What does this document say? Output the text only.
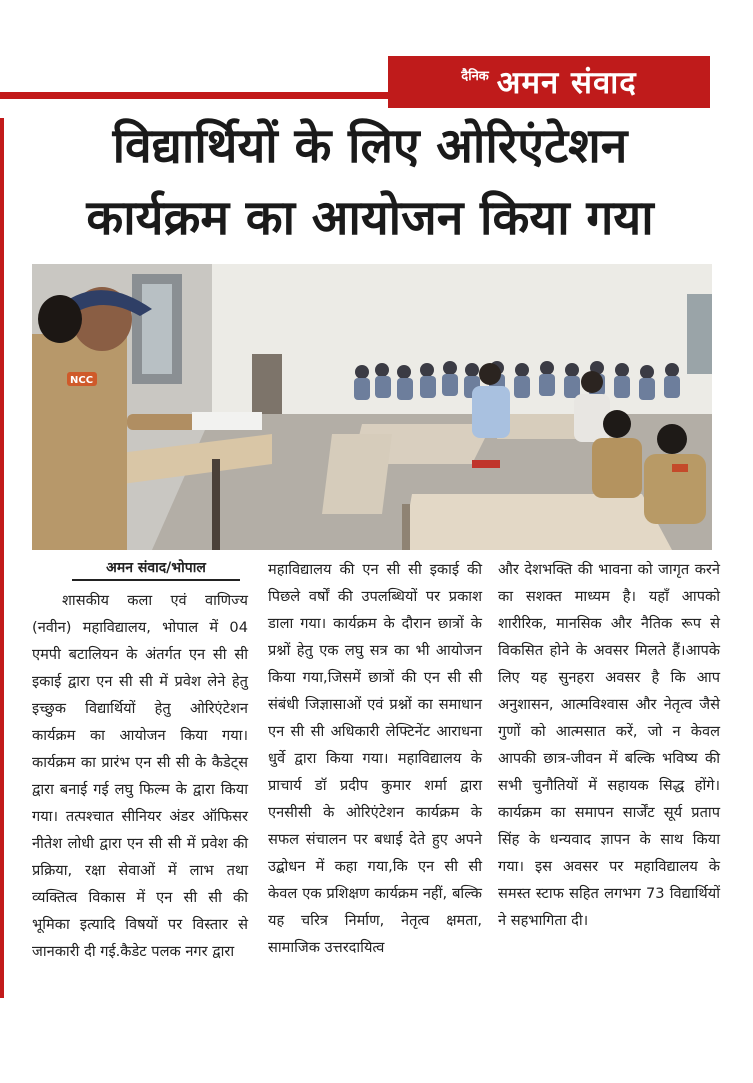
दैनिक अमन संवाद
विद्यार्थियों के लिए ओरिएंटेशन
कार्यक्रम का आयोजन किया गया
NCC
अमन संवाद/भोपाल

शासकीय कला एवं वाणिज्य (नवीन) महाविद्यालय, भोपाल में 04 एमपी बटालियन के अंतर्गत एन सी सी इकाई द्वारा एन सी सी में प्रवेश लेने हेतु इच्छुक विद्यार्थियों हेतु ओरिएंटेशन कार्यक्रम का आयोजन किया गया। कार्यक्रम का प्रारंभ एन सी सी के कैडेट्स द्वारा बनाई गई लघु फिल्म के द्वारा किया गया। तत्पश्चात सीनियर अंडर ऑफिसर नीतेश लोधी द्वारा एन सी सी में प्रवेश की प्रक्रिया, रक्षा सेवाओं में लाभ तथा व्यक्तित्व विकास में एन सी सी की भूमिका इत्यादि विषयों पर विस्तार से जानकारी दी गई.कैडेट पलक नगर द्वारा

महाविद्यालय की एन सी सी इकाई की पिछले वर्षों की उपलब्धियों पर प्रकाश डाला गया। कार्यक्रम के दौरान छात्रों के प्रश्नों हेतु एक लघु सत्र का भी आयोजन किया गया,जिसमें छात्रों की एन सी सी संबंधी जिज्ञासाओं एवं प्रश्नों का समाधान एन सी सी अधिकारी लेफ्टिनेंट आराधना धुर्वे द्वारा किया गया। महाविद्यालय के प्राचार्य डॉ प्रदीप कुमार शर्मा द्वारा एनसीसी के ओरिएंटेशन कार्यक्रम के सफल संचालन पर बधाई देते हुए अपने उद्बोधन में कहा गया,कि एन सी सी केवल एक प्रशिक्षण कार्यक्रम नहीं, बल्कि यह चरित्र निर्माण, नेतृत्व क्षमता, सामाजिक उत्तरदायित्व

और देशभक्ति की भावना को जागृत करने का सशक्त माध्यम है। यहाँ आपको शारीरिक, मानसिक और नैतिक रूप से विकसित होने के अवसर मिलते हैं।आपके लिए यह सुनहरा अवसर है कि आप अनुशासन, आत्मविश्वास और नेतृत्व जैसे गुणों को आत्मसात करें, जो न केवल आपकी छात्र-जीवन में बल्कि भविष्य की सभी चुनौतियों में सहायक सिद्ध होंगे। कार्यक्रम का समापन सार्जेंट सूर्य प्रताप सिंह के धन्यवाद ज्ञापन के साथ किया गया। इस अवसर पर महाविद्यालय के समस्त स्टाफ सहित लगभग 73 विद्यार्थियों ने सहभागिता दी।
